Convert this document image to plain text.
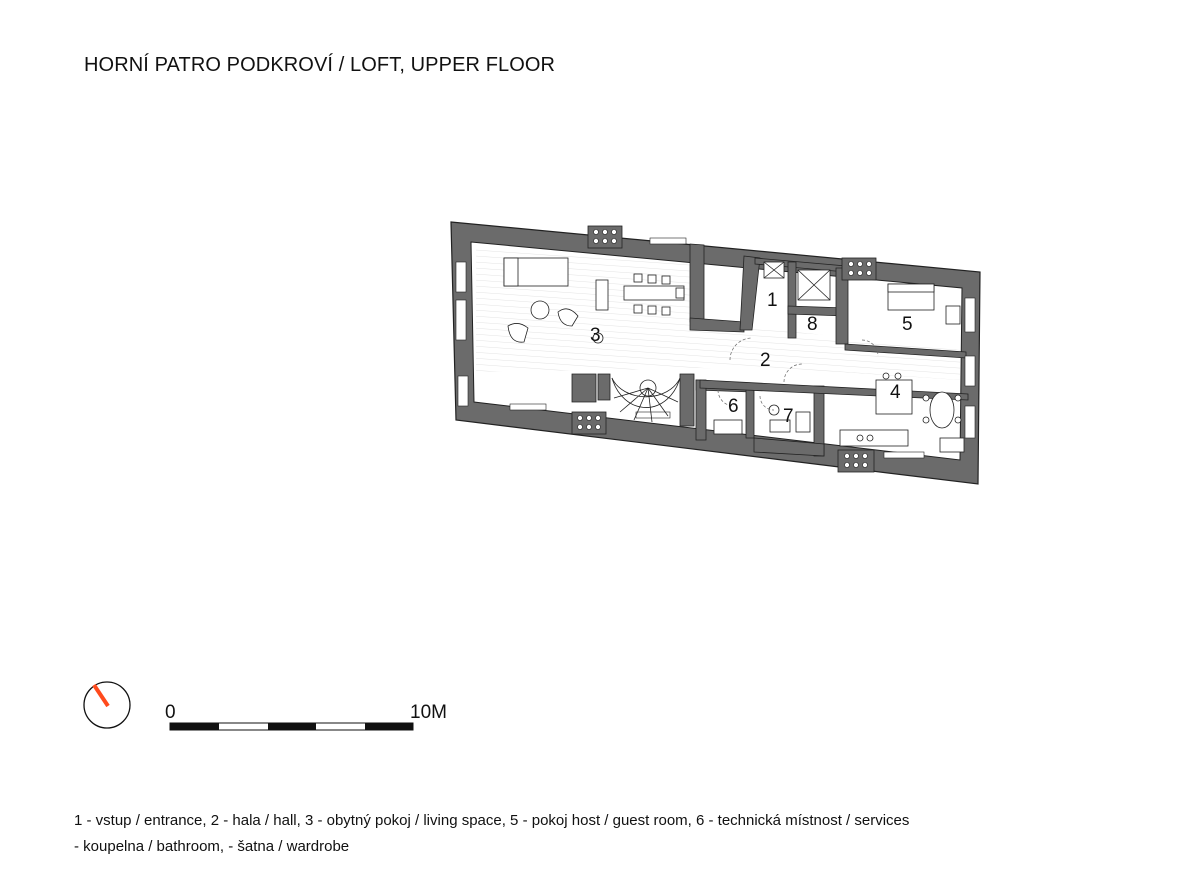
HORNÍ PATRO PODKROVÍ / LOFT, UPPER FLOOR
1
2
3
4
5
6 7
8
0	10M
1 - vstup / entrance, 2 - hala / hall, 3 - obytný pokoj / living space, 5 - pokoj host / guest room, 6 - technická místnost / services
- koupelna / bathroom, - šatna / wardrobe
